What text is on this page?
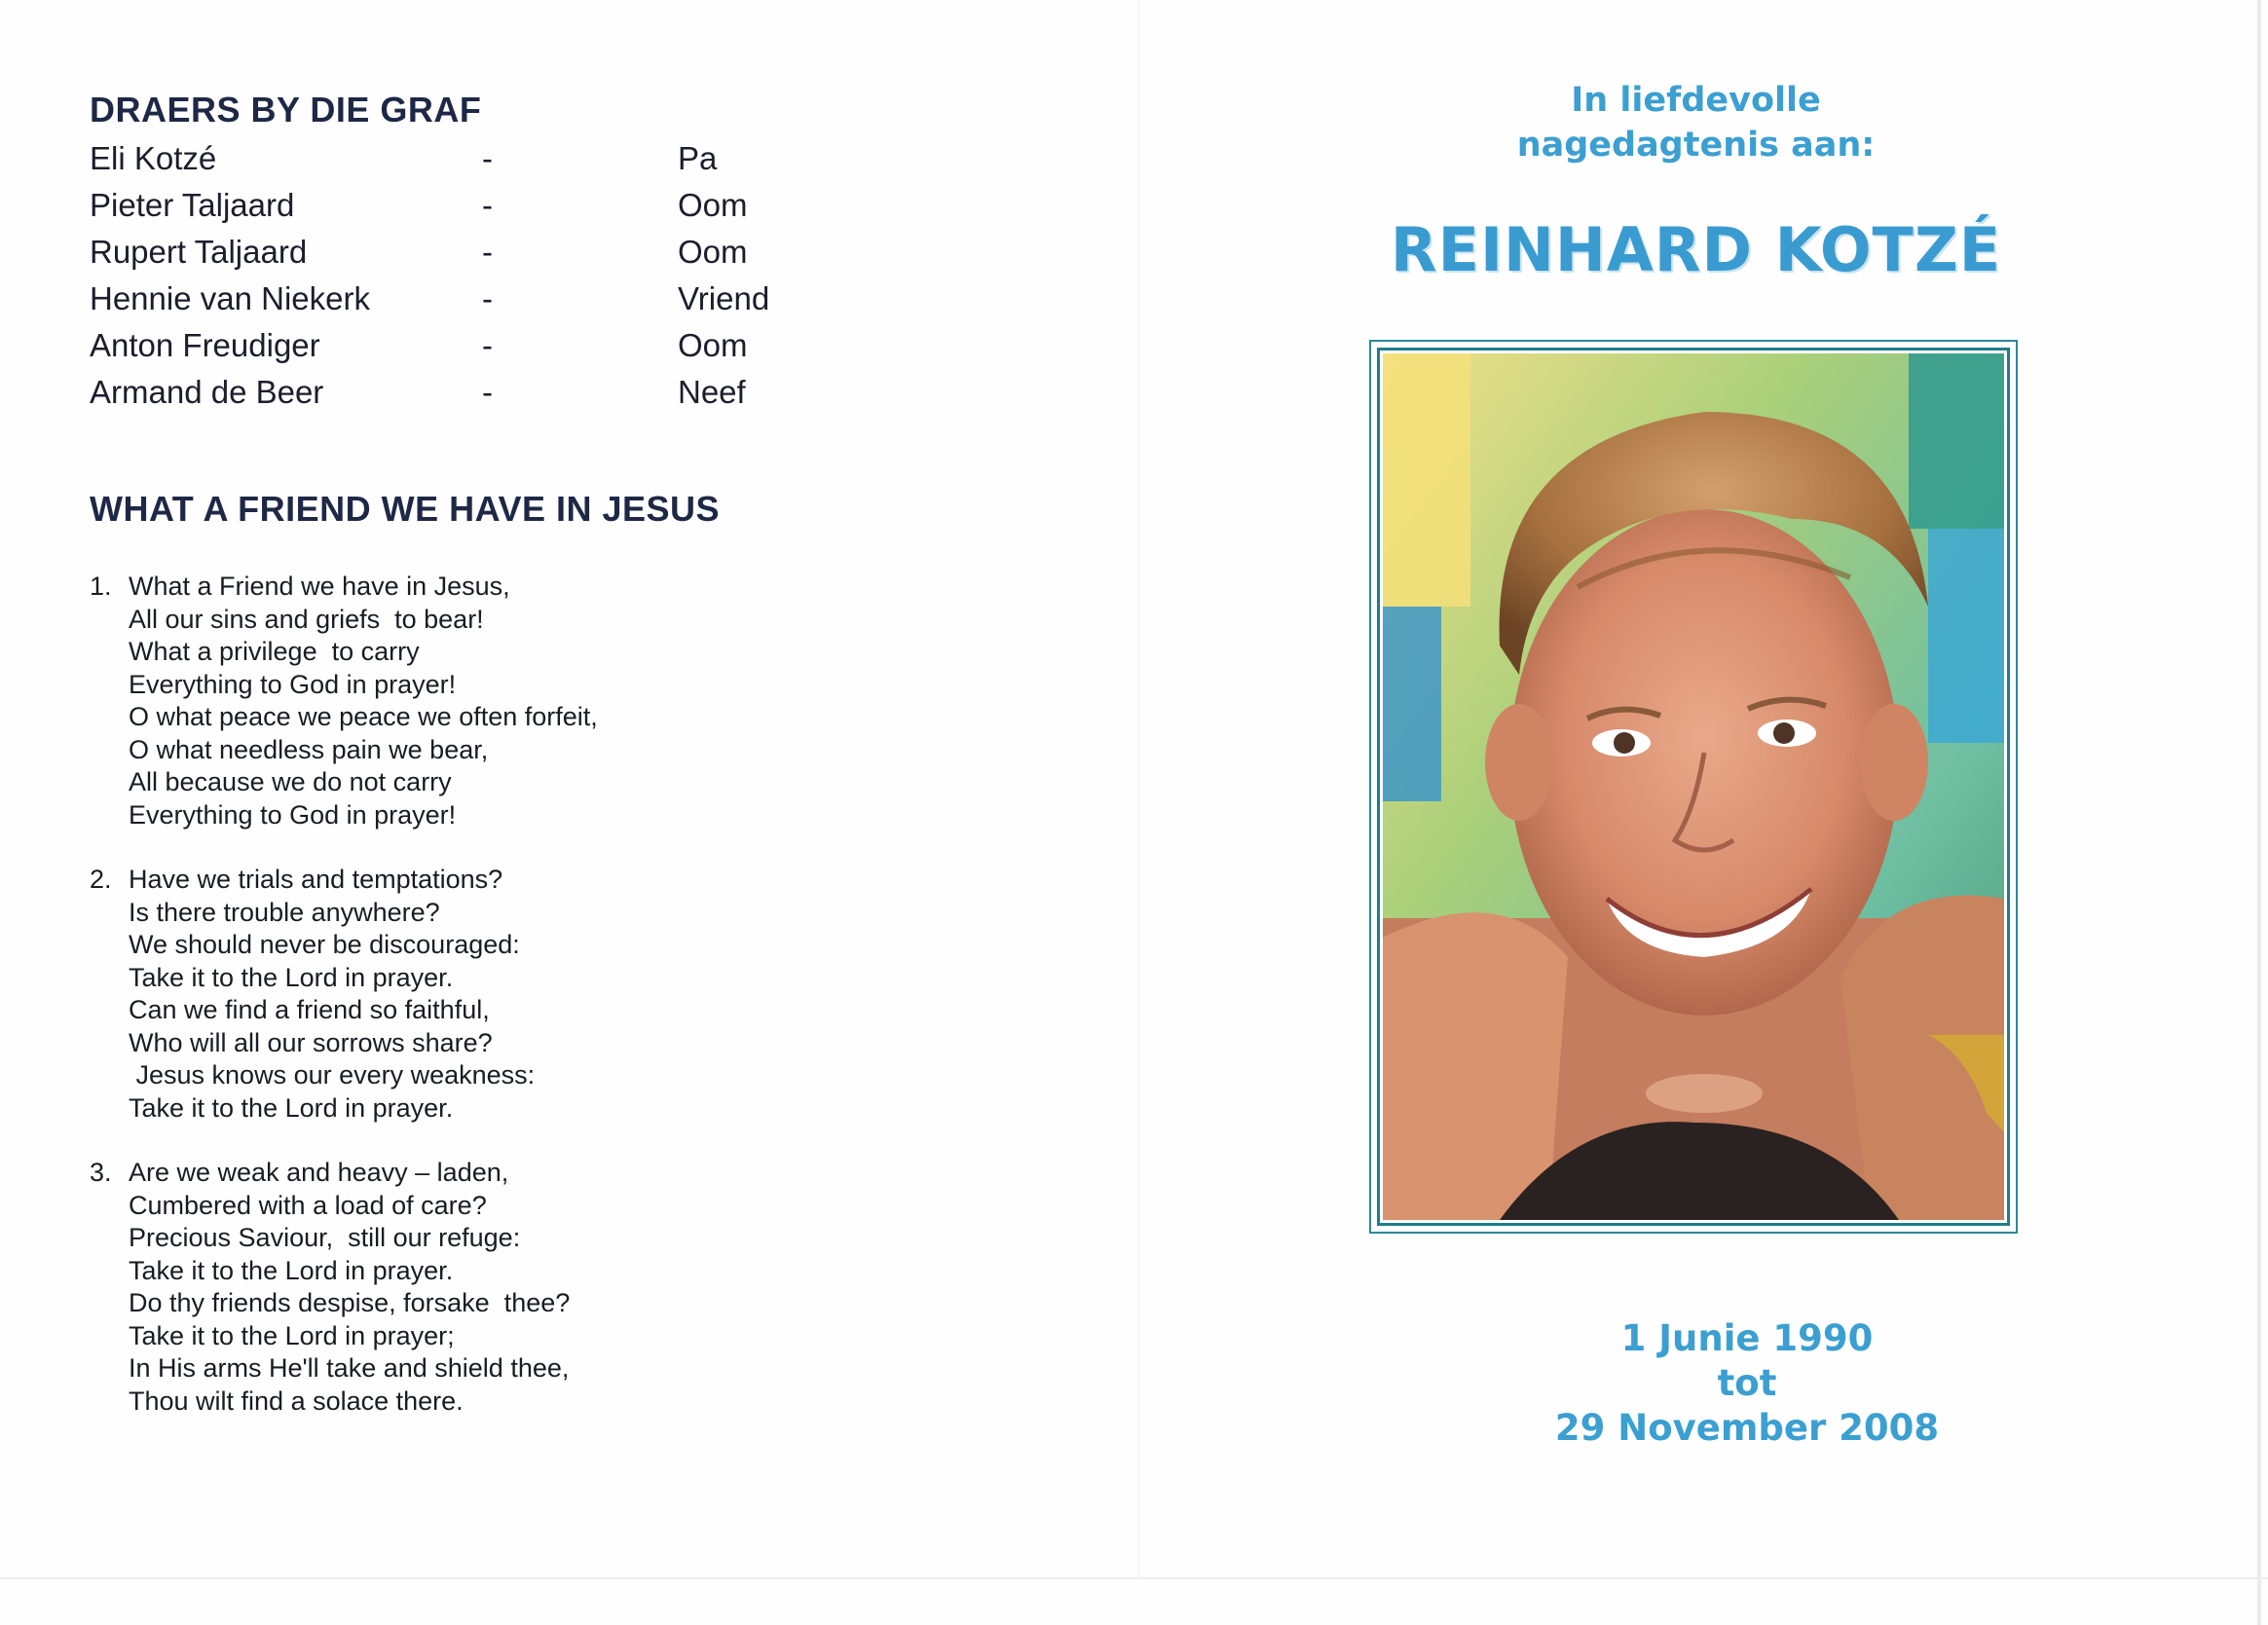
DRAERS BY DIE GRAF
Eli Kotzé	-	Pa
Pieter Taljaard	-	Oom
Rupert Taljaard	-	Oom
Hennie van Niekerk	-	Vriend
Anton Freudiger	-	Oom
Armand de Beer	-	Neef
WHAT A FRIEND WE HAVE IN JESUS
1. What a Friend we have in Jesus,
All our sins and griefs  to bear!
What a privilege  to carry
Everything to God in prayer!
O what peace we peace we often forfeit,
O what needless pain we bear,
All because we do not carry
Everything to God in prayer!
2. Have we trials and temptations?
Is there trouble anywhere?
We should never be discouraged:
Take it to the Lord in prayer.
Can we find a friend so faithful,
Who will all our sorrows share?
Jesus knows our every weakness:
Take it to the Lord in prayer.
3. Are we weak and heavy – laden,
Cumbered with a load of care?
Precious Saviour,  still our refuge:
Take it to the Lord in prayer.
Do thy friends despise, forsake  thee?
Take it to the Lord in prayer;
In His arms He'll take and shield thee,
Thou wilt find a solace there.
In liefdevolle
nagedagtenis aan:
REINHARD KOTZÉ
1 Junie 1990
tot
29 November 2008
